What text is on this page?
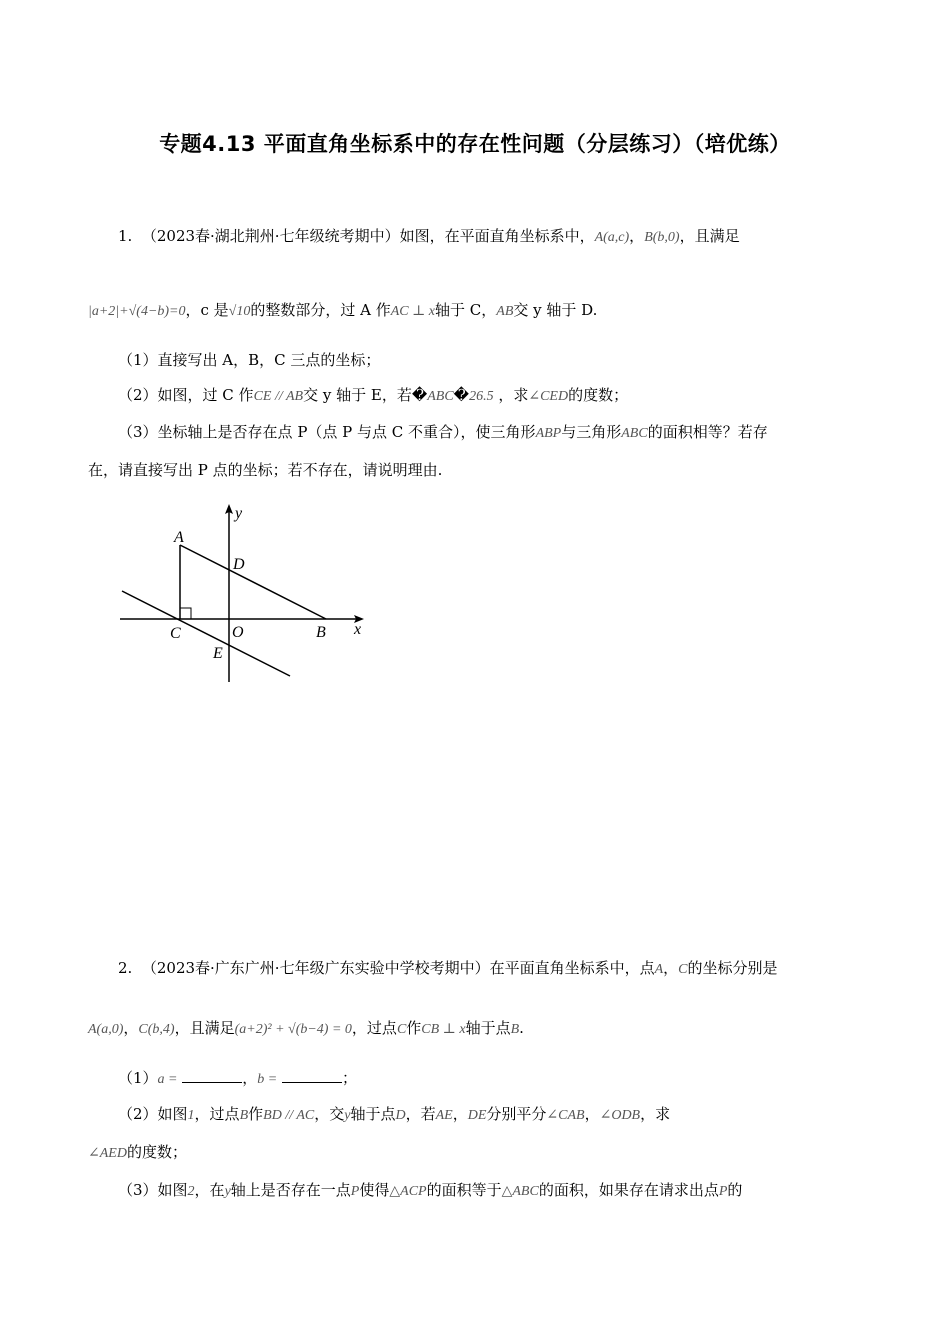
专题4.13 平面直角坐标系中的存在性问题（分层练习）（培优练）
1. （2023春·湖北荆州·七年级统考期中）如图，在平面直角坐标系中，A(a,c)，B(b,0)，且满足
|a+2|+√(4−b)=0，c 是√10的整数部分，过 A 作AC ⊥ x轴于 C，AB交 y 轴于 D.
（1）直接写出 A，B，C 三点的坐标；
（2）如图，过 C 作CE // AB交 y 轴于 E，若�ABC�26.5 ，求∠CED的度数；
（3）坐标轴上是否存在点 P（点 P 与点 C 不重合），使三角形ABP与三角形ABC的面积相等？若存
在，请直接写出 P 点的坐标；若不存在，请说明理由.
A
D
C	O	B
E
x
y
2. （2023春·广东广州·七年级广东实验中学校考期中）在平面直角坐标系中，点A，C的坐标分别是
A(a,0)，C(b,4)，且满足(a+2)² + √(b−4) = 0，过点C作CB ⊥ x轴于点B.
（1）a =	，b =	；
（2）如图1，过点B作BD // AC，交y轴于点D，若AE，DE分别平分∠CAB，∠ODB，求
∠AED的度数；
（3）如图2，在y轴上是否存在一点P使得△ACP的面积等于△ABC的面积，如果存在请求出点P的
